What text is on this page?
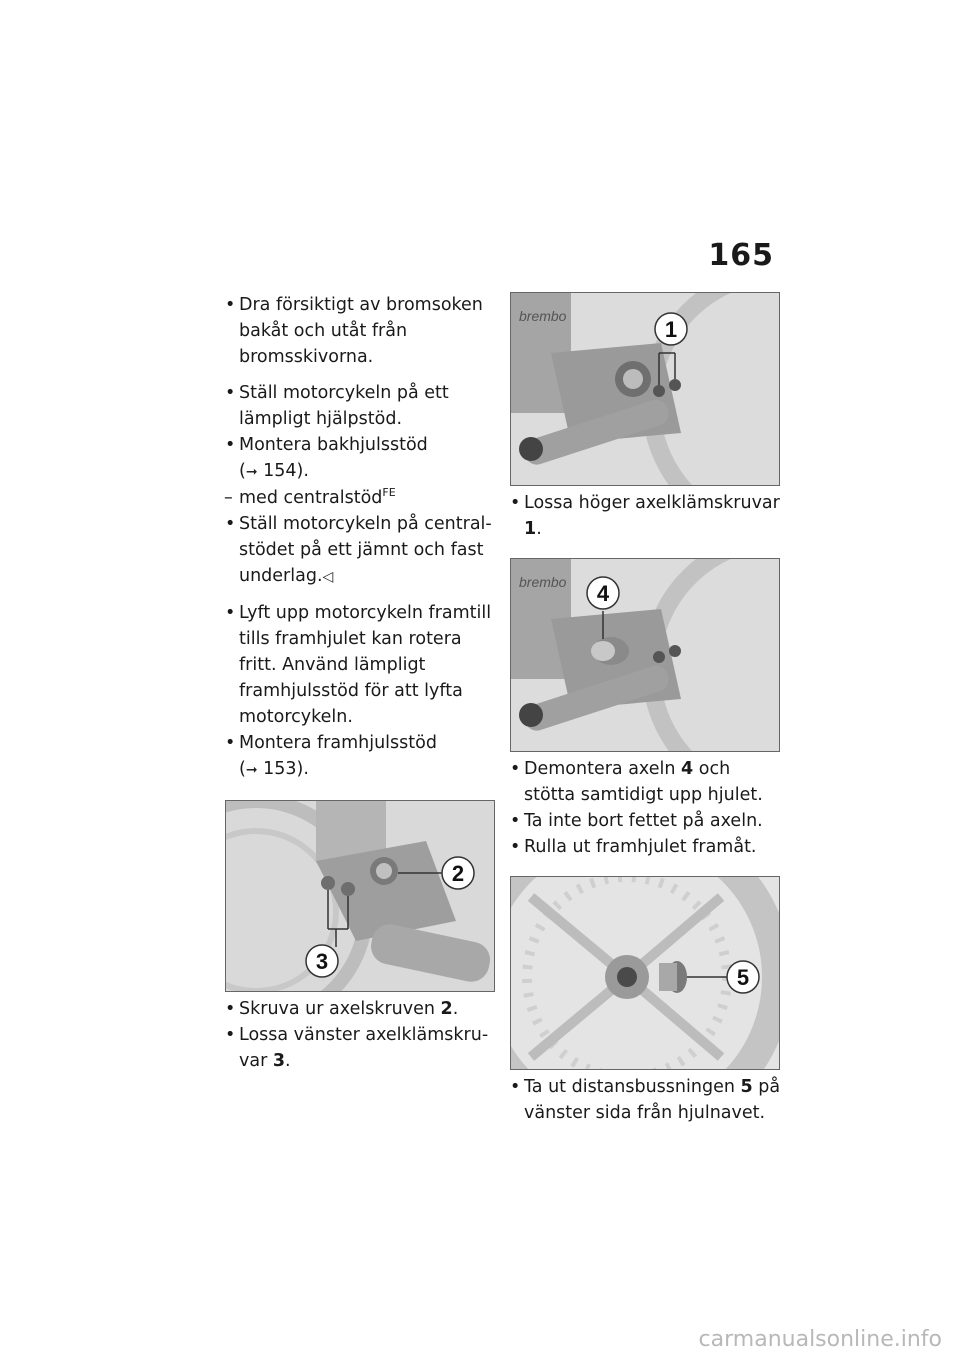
165

• Dra försiktigt av bromsoken bakåt och utåt från bromsskivorna.

• Ställ motorcykeln på ett lämpligt hjälpstöd.

• Montera bakhjulsstöd
(➞ 154).

– med centralstöd$^{FE}$

• Ställ motorcykeln på centralstödet på ett jämnt och fast underlag.◁

• Lyft upp motorcykeln framtill tills framhjulet kan rotera fritt. Använd lämpligt framhjulsstöd för att lyfta motorcykeln.

• Montera framhjulsstöd
(➞ 153).

2
3

• Skruva ur axelskruven 2.

• Lossa vänster axelklämskruvar 3.

brembo
1

• Lossa höger axelklämskruvar 1.

brembo 4

• Demontera axeln 4 och stötta samtidigt upp hjulet.

• Ta inte bort fettet på axeln.

• Rulla ut framhjulet framåt.

5

• Ta ut distansbussningen 5 på vänster sida från hjulnavet.

carmanualsonline.info
